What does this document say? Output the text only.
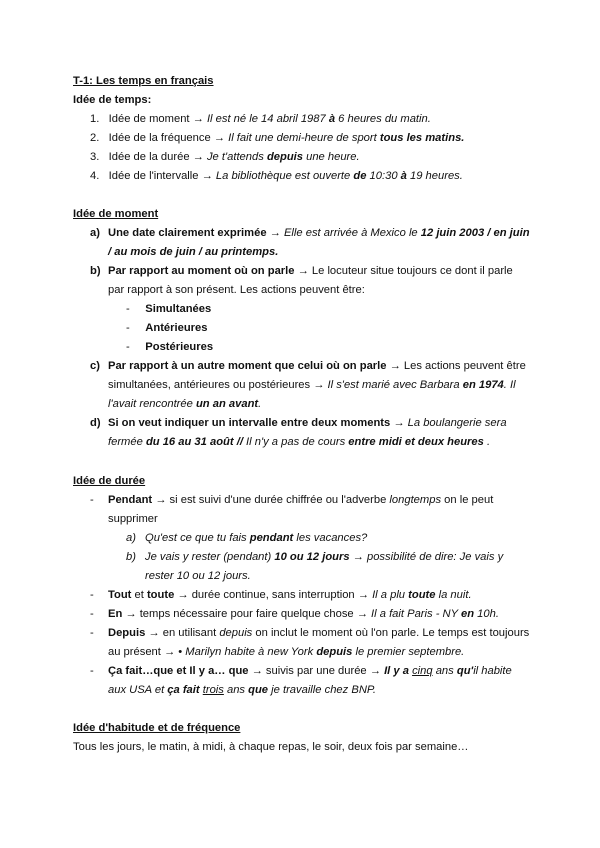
T-1: Les temps en français
Idée de temps:
1. Idée de moment → Il est né le 14 abril 1987 à 6 heures du matin.
2. Idée de la fréquence → Il fait une demi-heure de sport tous les matins.
3. Idée de la durée → Je t'attends depuis une heure.
4. Idée de l'intervalle → La bibliothèque est ouverte de 10:30 à 19 heures.
Idée de moment
a) Une date clairement exprimée → Elle est arrivée à Mexico le 12 juin 2003 / en juin
/ au mois de juin / au printemps.
b) Par rapport au moment où on parle → Le locuteur situe toujours ce dont il parle
par rapport à son présent. Les actions peuvent être:
-     Simultanées
-     Antérieures
-     Postérieures
c) Par rapport à un autre moment que celui où on parle → Les actions peuvent être
simultanées, antérieures ou postérieures → Il s'est marié avec Barbara en 1974. Il
l'avait rencontrée un an avant.
d) Si on veut indiquer un intervalle entre deux moments → La boulangerie sera
fermée du 16 au 31 août // Il n'y a pas de cours entre midi et deux heures .
Idée de durée
- Pendant → si est suivi d'une durée chiffrée ou l'adverbe longtemps on le peut
supprimer
a) Qu'est ce que tu fais pendant les vacances?
b) Je vais y rester (pendant) 10 ou 12 jours → possibilité de dire: Je vais y
rester 10 ou 12 jours.
- Tout et toute → durée continue, sans interruption → Il a plu toute la nuit.
- En → temps nécessaire pour faire quelque chose → Il a fait Paris - NY en 10h.
- Depuis → en utilisant depuis on inclut le moment où l'on parle. Le temps est toujours
au présent → • Marilyn habite à new York depuis le premier septembre.
- Ça fait…que et Il y a… que → suivis par une durée → Il y a cinq ans qu'il habite
aux USA et ça fait trois ans que je travaille chez BNP.
Idée d'habitude et de fréquence
Tous les jours, le matin, à midi, à chaque repas, le soir, deux fois par semaine…
